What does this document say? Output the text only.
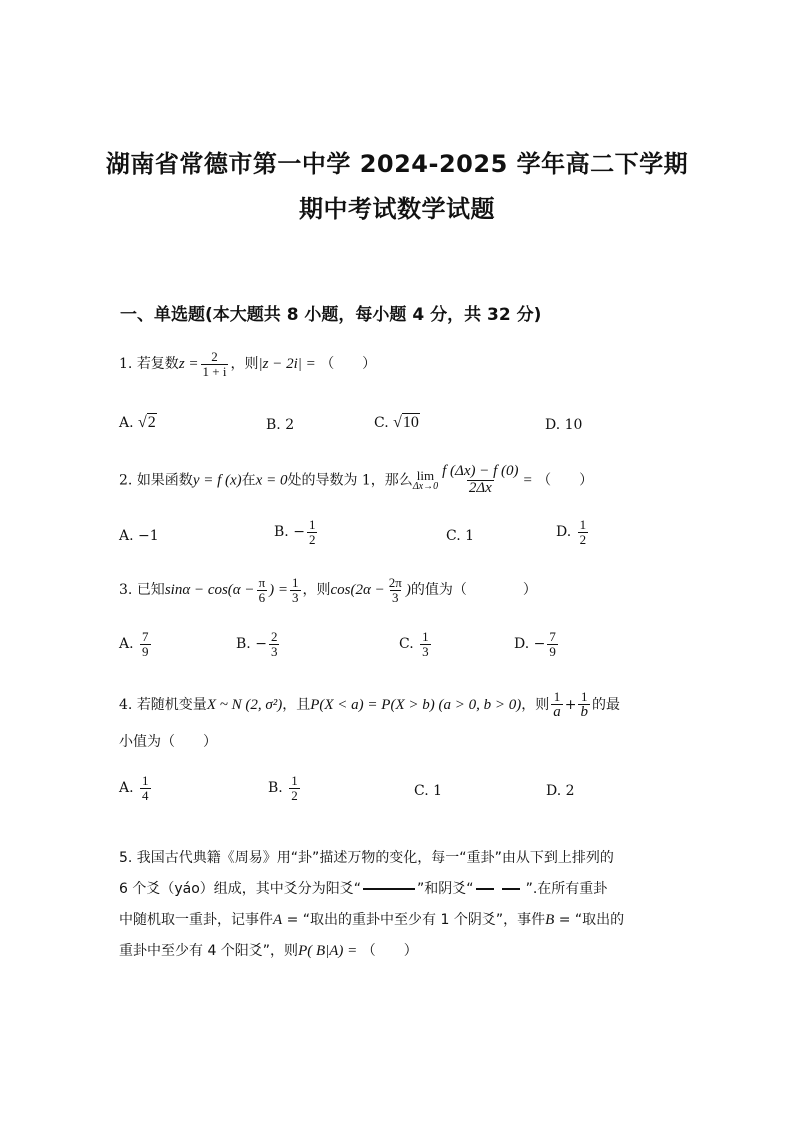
湖南省常德市第一中学 2024-2025 学年高二下学期
期中考试数学试题
一、单选题(本大题共 8 小题，每小题 4 分，共 32 分)
1. 若复数$z = \frac{2}{1 + i}$ ，则|z − 2i| = （　　）
A. √2	B. 2	C. √10	D. 10
2. 如果函数y = f (x)在x = 0处的导数为 1，那么 lim
$\Delta x\to 0 \frac{f (\Delta x) - f (0)}{2\Delta x}$ = （　　）
A. −1	B. − $\frac{1}{2}$	C. 1	D. $\frac{1}{2}$
3. 已知$\sin\alpha - \cos(\alpha - \frac{\pi}{6}$ ) = $\frac{1}{3}$ ，则$\cos(2\alpha - \frac{2\pi}{3}$ )的值为（　　　　）
A. $\frac{7}{9}$	B. − $\frac{2}{3}$	C. $\frac{1}{3}$	D. − $\frac{7}{9}$
4. 若随机变量X ~ N (2, σ²)，且P(X < a) = P(X > b) (a > 0, b > 0)，则 $\frac{1}{a} + \frac{1}{b}$ 的最
小值为（　　）
A. $\frac{1}{4}$	B. $\frac{1}{2}$	C. 1	D. 2
5. 我国古代典籍《周易》用“卦”描述万物的变化，每一“重卦”由从下到上排列的
6 个爻（yáo）组成，其中爻分为阳爻“	”和阴爻“	”.在所有重卦
中随机取一重卦，记事件A = “取出的重卦中至少有 1 个阴爻”，事件B = “取出的
重卦中至少有 4 个阳爻”，则P( B|A) = （　　）
